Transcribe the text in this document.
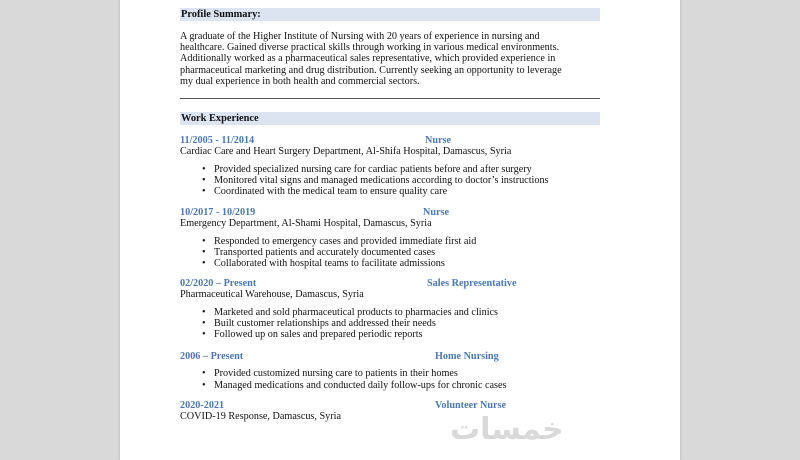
Profile Summary:
A graduate of the Higher Institute of Nursing with 20 years of experience in nursing and
healthcare. Gained diverse practical skills through working in various medical environments.
Additionally worked as a pharmaceutical sales representative, which provided experience in
pharmaceutical marketing and drug distribution. Currently seeking an opportunity to leverage
my dual experience in both health and commercial sectors.
Work Experience
11/2005 - 11/2014	Nurse
Cardiac Care and Heart Surgery Department, Al-Shifa Hospital, Damascus, Syria
• Provided specialized nursing care for cardiac patients before and after surgery
• Monitored vital signs and managed medications according to doctor’s instructions
• Coordinated with the medical team to ensure quality care
10/2017 - 10/2019	Nurse
Emergency Department, Al-Shami Hospital, Damascus, Syria
• Responded to emergency cases and provided immediate first aid
• Transported patients and accurately documented cases
• Collaborated with hospital teams to facilitate admissions
02/2020 – Present	Sales Representative
Pharmaceutical Warehouse, Damascus, Syria
• Marketed and sold pharmaceutical products to pharmacies and clinics
• Built customer relationships and addressed their needs
• Followed up on sales and prepared periodic reports
2006 – Present	Home Nursing
• Provided customized nursing care to patients in their homes
• Managed medications and conducted daily follow-ups for chronic cases
2020-2021	Volunteer Nurse
COVID-19 Response, Damascus, Syria	خمسات
